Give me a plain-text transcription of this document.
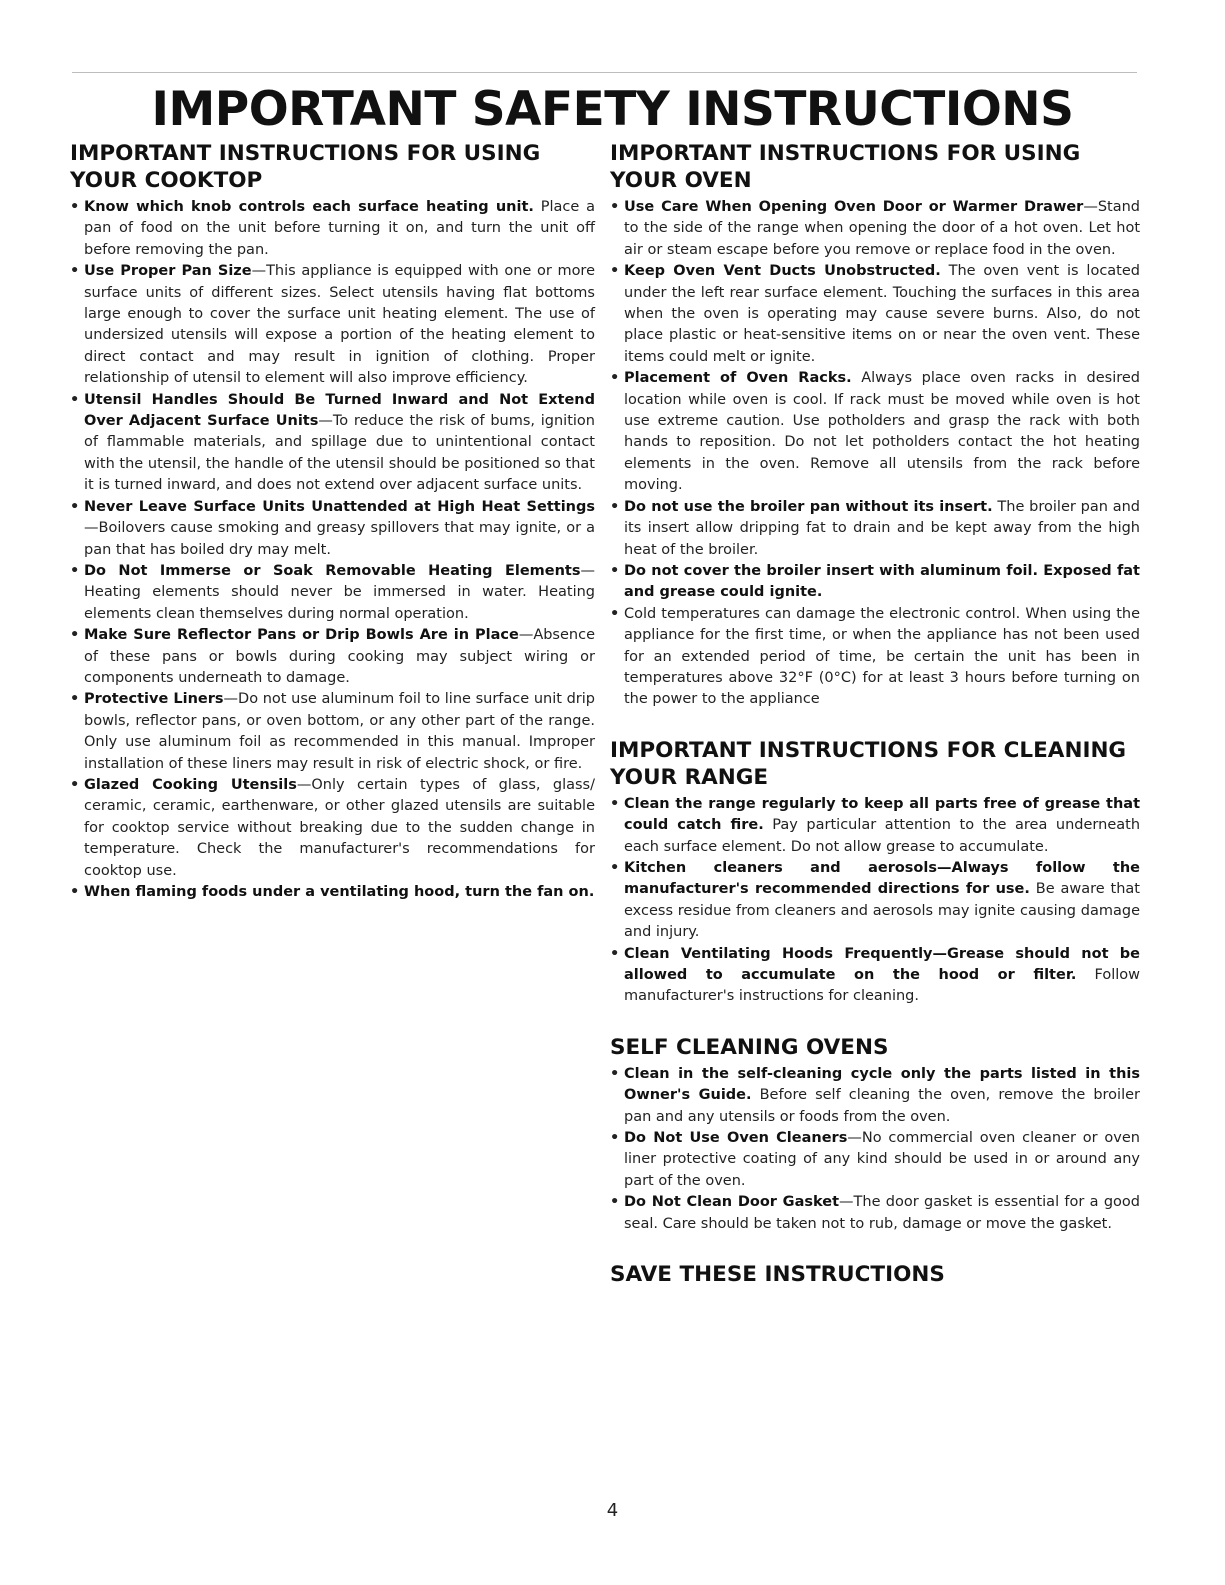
IMPORTANT SAFETY INSTRUCTIONS
IMPORTANT INSTRUCTIONS FOR USING YOUR COOKTOP
• Know which knob controls each surface heating unit. Place a pan of food on the unit before turning it on, and turn the unit off before removing the pan.
• Use Proper Pan Size—This appliance is equipped with one or more surface units of different sizes. Select utensils having flat bottoms large enough to cover the surface unit heating element. The use of undersized utensils will expose a portion of the heating element to direct contact and may result in ignition of clothing. Proper relationship of utensil to element will also improve efficiency.
• Utensil Handles Should Be Turned Inward and Not Extend Over Adjacent Surface Units—To reduce the risk of bums, ignition of flammable materials, and spillage due to unintentional contact with the utensil, the handle of the utensil should be positioned so that it is turned inward, and does not extend over adjacent surface units.
• Never Leave Surface Units Unattended at High Heat Settings—Boilovers cause smoking and greasy spillovers that may ignite, or a pan that has boiled dry may melt.
• Do Not Immerse or Soak Removable Heating Elements—Heating elements should never be immersed in water. Heating elements clean themselves during normal operation.
• Make Sure Reflector Pans or Drip Bowls Are in Place—Absence of these pans or bowls during cooking may subject wiring or components underneath to damage.
• Protective Liners—Do not use aluminum foil to line surface unit drip bowls, reflector pans, or oven bottom, or any other part of the range. Only use aluminum foil as recommended in this manual. Improper installation of these liners may result in risk of electric shock, or fire.
• Glazed Cooking Utensils—Only certain types of glass, glass/ ceramic, ceramic, earthenware, or other glazed utensils are suitable for cooktop service without breaking due to the sudden change in temperature. Check the manufacturer's recommendations for cooktop use.
• When flaming foods under a ventilating hood, turn the fan on.
IMPORTANT INSTRUCTIONS FOR USING YOUR OVEN
• Use Care When Opening Oven Door or Warmer Drawer—Stand to the side of the range when opening the door of a hot oven. Let hot air or steam escape before you remove or replace food in the oven.
• Keep Oven Vent Ducts Unobstructed. The oven vent is located under the left rear surface element. Touching the surfaces in this area when the oven is operating may cause severe burns. Also, do not place plastic or heat-sensitive items on or near the oven vent. These items could melt or ignite.
• Placement of Oven Racks. Always place oven racks in desired location while oven is cool. If rack must be moved while oven is hot use extreme caution. Use potholders and grasp the rack with both hands to reposition. Do not let potholders contact the hot heating elements in the oven. Remove all utensils from the rack before moving.
• Do not use the broiler pan without its insert. The broiler pan and its insert allow dripping fat to drain and be kept away from the high heat of the broiler.
• Do not cover the broiler insert with aluminum foil. Exposed fat and grease could ignite.
• Cold temperatures can damage the electronic control. When using the appliance for the first time, or when the appliance has not been used for an extended period of time, be certain the unit has been in temperatures above 32°F (0°C) for at least 3 hours before turning on the power to the appliance
IMPORTANT INSTRUCTIONS FOR CLEANING YOUR RANGE
• Clean the range regularly to keep all parts free of grease that could catch fire. Pay particular attention to the area underneath each surface element. Do not allow grease to accumulate.
• Kitchen cleaners and aerosols—Always follow the manufacturer's recommended directions for use. Be aware that excess residue from cleaners and aerosols may ignite causing damage and injury.
• Clean Ventilating Hoods Frequently—Grease should not be allowed to accumulate on the hood or filter. Follow manufacturer's instructions for cleaning.
SELF CLEANING OVENS
• Clean in the self-cleaning cycle only the parts listed in this Owner's Guide. Before self cleaning the oven, remove the broiler pan and any utensils or foods from the oven.
• Do Not Use Oven Cleaners—No commercial oven cleaner or oven liner protective coating of any kind should be used in or around any part of the oven.
• Do Not Clean Door Gasket—The door gasket is essential for a good seal. Care should be taken not to rub, damage or move the gasket.
SAVE THESE INSTRUCTIONS
4
